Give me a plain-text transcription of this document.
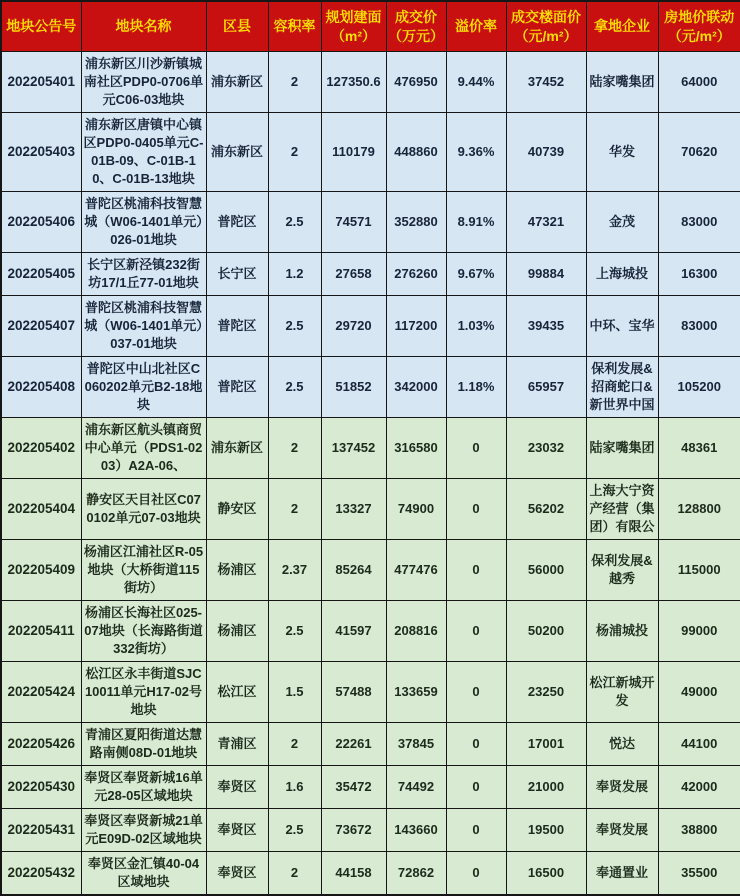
地块公告号	地块名称	区县	容积率	规划建面（m²）	成交价（万元）	溢价率	成交楼面价（元/m²）	拿地企业	房地价联动（元/m²）
202205401	浦东新区川沙新镇城南社区PDP0-0706单元C06-03地块	浦东新区	2	127350.6	476950	9.44%	37452	陆家嘴集团	64000
202205403	浦东新区唐镇中心镇区PDP0-0405单元C-01B-09、C-01B-10、C-01B-13地块	浦东新区	2	110179	448860	9.36%	40739	华发	70620
202205406	普陀区桃浦科技智慧城（W06-1401单元）026-01地块	普陀区	2.5	74571	352880	8.91%	47321	金茂	83000
202205405	长宁区新泾镇232街坊17/1丘77-01地块	长宁区	1.2	27658	276260	9.67%	99884	上海城投	16300
202205407	普陀区桃浦科技智慧城（W06-1401单元）037-01地块	普陀区	2.5	29720	117200	1.03%	39435	中环、宝华	83000
202205408	普陀区中山北社区C060202单元B2-18地块	普陀区	2.5	51852	342000	1.18%	65957	保利发展&招商蛇口&新世界中国	105200
202205402	浦东新区航头镇商贸中心单元（PDS1-0203）A2A-06、	浦东新区	2	137452	316580	0	23032	陆家嘴集团	48361
202205404	静安区天目社区C070102单元07-03地块	静安区	2	13327	74900	0	56202	上海大宁资产经营（集团）有限公	128800
202205409	杨浦区江浦社区R-05地块（大桥街道115街坊）	杨浦区	2.37	85264	477476	0	56000	保利发展&越秀	115000
202205411	杨浦区长海社区025-07地块（长海路街道332街坊）	杨浦区	2.5	41597	208816	0	50200	杨浦城投	99000
202205424	松江区永丰街道SJC10011单元H17-02号地块	松江区	1.5	57488	133659	0	23250	松江新城开发	49000
202205426	青浦区夏阳街道达慧路南侧08D-01地块	青浦区	2	22261	37845	0	17001	悦达	44100
202205430	奉贤区奉贤新城16单元28-05区域地块	奉贤区	1.6	35472	74492	0	21000	奉贤发展	42000
202205431	奉贤区奉贤新城21单元E09D-02区域地块	奉贤区	2.5	73672	143660	0	19500	奉贤发展	38800
202205432	奉贤区金汇镇40-04区域地块	奉贤区	2	44158	72862	0	16500	奉通置业	35500
